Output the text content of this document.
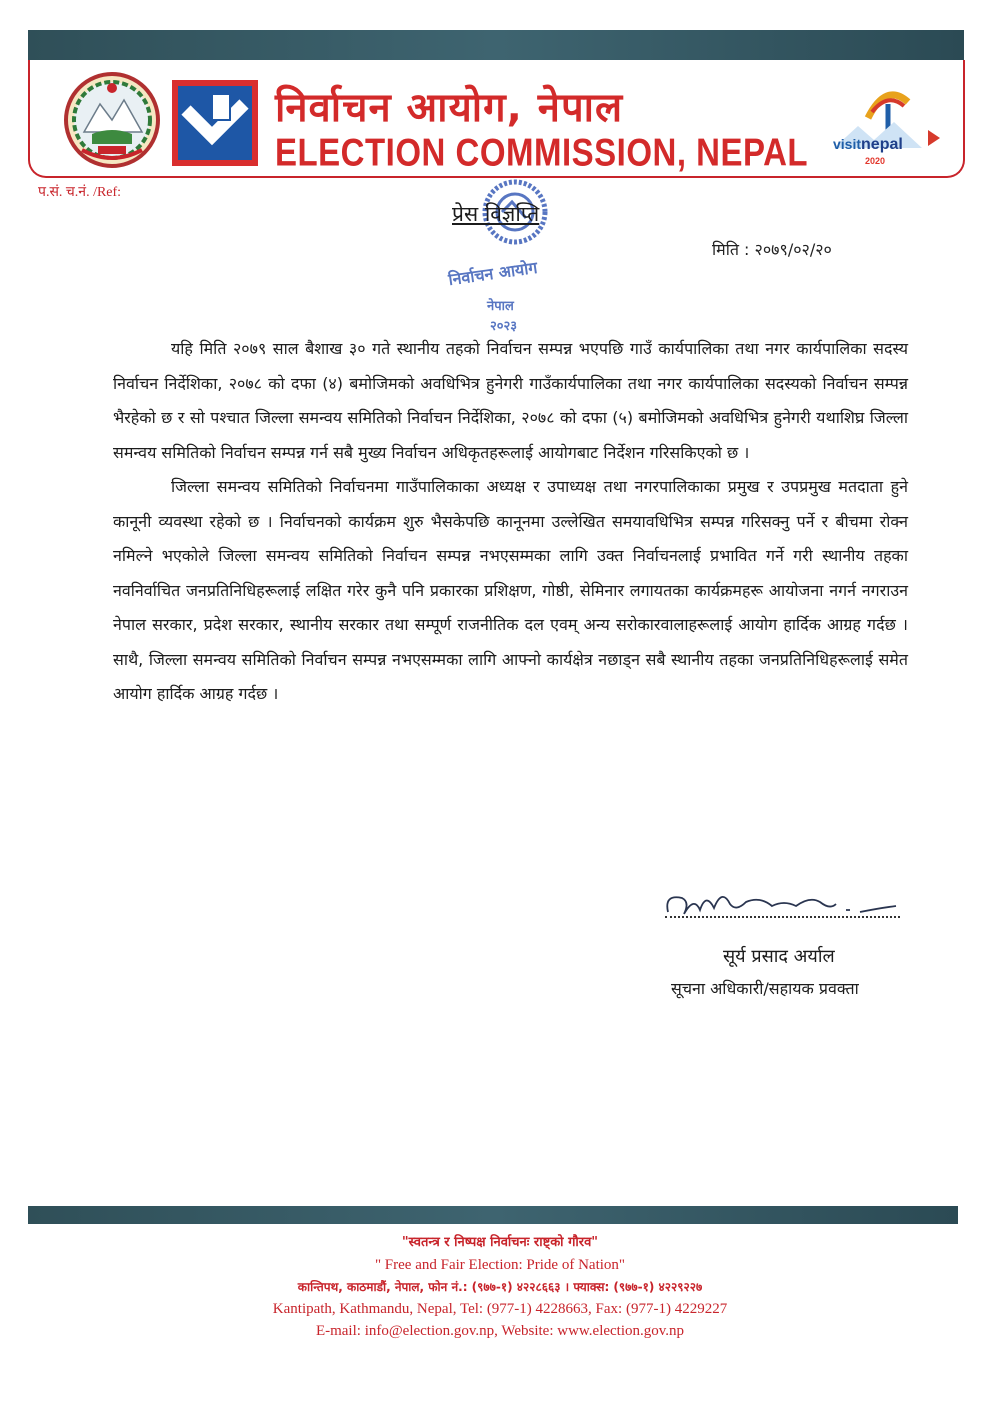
निर्वाचन आयोग, नेपाल
ELECTION COMMISSION, NEPAL visitnepal
2020
प.सं. च.नं. /Ref:
निर्वाचन आयोग
नेपाल
२०२३
प्रेस विज्ञप्ति
मिति : २०७९/०२/२०

यहि मिति २०७९ साल बैशाख ३० गते स्थानीय तहको निर्वाचन सम्पन्न भएपछि गाउँ कार्यपालिका तथा नगर कार्यपालिका सदस्य निर्वाचन निर्देशिका, २०७८ को दफा (४) बमोजिमको अवधिभित्र हुनेगरी गाउँकार्यपालिका तथा नगर कार्यपालिका सदस्यको निर्वाचन सम्पन्न भैरहेको छ र सो पश्चात जिल्ला समन्वय समितिको निर्वाचन निर्देशिका, २०७८ को दफा (५) बमोजिमको अवधिभित्र हुनेगरी यथाशिघ्र जिल्ला समन्वय समितिको निर्वाचन सम्पन्न गर्न सबै मुख्य निर्वाचन अधिकृतहरूलाई आयोगबाट निर्देशन गरिसकिएको छ ।

जिल्ला समन्वय समितिको निर्वाचनमा गाउँपालिकाका अध्यक्ष र उपाध्यक्ष तथा नगरपालिकाका प्रमुख र उपप्रमुख मतदाता हुने कानूनी व्यवस्था रहेको छ । निर्वाचनको कार्यक्रम शुरु भैसकेपछि कानूनमा उल्लेखित समयावधिभित्र सम्पन्न गरिसक्नु पर्ने र बीचमा रोक्न नमिल्ने भएकोले जिल्ला समन्वय समितिको निर्वाचन सम्पन्न नभएसम्मका लागि उक्त निर्वाचनलाई प्रभावित गर्ने गरी स्थानीय तहका नवनिर्वाचित जनप्रतिनिधिहरूलाई लक्षित गरेर कुनै पनि प्रकारका प्रशिक्षण, गोष्ठी, सेमिनार लगायतका कार्यक्रमहरू आयोजना नगर्न नगराउन नेपाल सरकार, प्रदेश सरकार, स्थानीय सरकार तथा सम्पूर्ण राजनीतिक दल एवम् अन्य सरोकारवालाहरूलाई आयोग हार्दिक आग्रह गर्दछ । साथै, जिल्ला समन्वय समितिको निर्वाचन सम्पन्न नभएसम्मका लागि आफ्नो कार्यक्षेत्र नछाड्न सबै स्थानीय तहका जनप्रतिनिधिहरूलाई समेत आयोग हार्दिक आग्रह गर्दछ ।

सूर्य प्रसाद अर्याल
सूचना अधिकारी/सहायक प्रवक्ता
"स्वतन्त्र र निष्पक्ष निर्वाचनः राष्ट्को गौरव"
" Free and Fair Election: Pride of Nation"
कान्तिपथ, काठमाडौं, नेपाल, फोन नं.: (९७७-१) ४२२८६६३ । फ्याक्स: (९७७-१) ४२२९२२७
Kantipath, Kathmandu, Nepal, Tel: (977-1) 4228663, Fax: (977-1) 4229227
E-mail: info@election.gov.np, Website: www.election.gov.np
